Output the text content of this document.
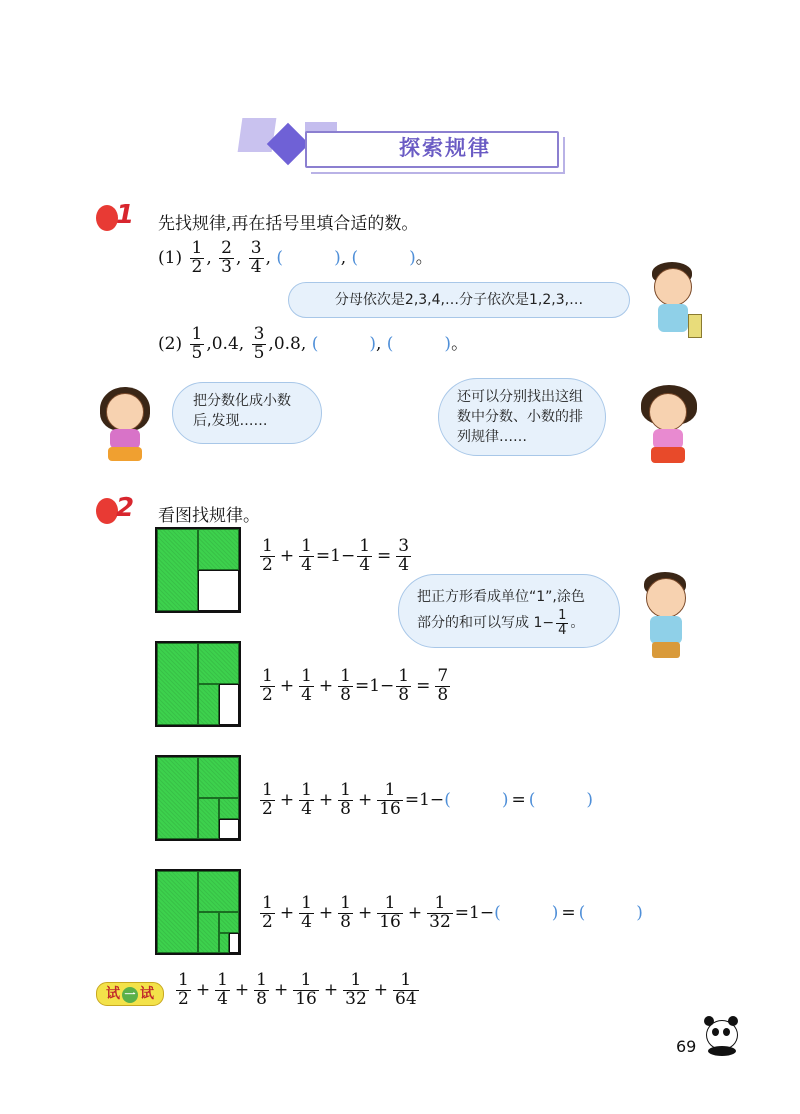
探索规律
1 先找规律,再在括号里填合适的数。
$(1) \frac{1}{2}$ , $\frac{2}{3}$ , $\frac{3}{4}$ , (   	), (   	)。
分母依次是2,3,4,…分子依次是1,2,3,…
$(2) \frac{1}{5} ,0.4$, $\frac{3}{5} ,0.8$, (   	), (   	)。
把分数化成小数后,发现……
还可以分别找出这组数中分数、小数的排列规律……
2 看图找规律。
$\frac{1}{2} + \frac{1}{4} =1- \frac{1}{4} = \frac{3}{4}$
把正方形看成单位“1”,涂色
部分的和可以写成 $1- \frac{1}{4}$ 。
$\frac{1}{2} + \frac{1}{4} + \frac{1}{8} =1- \frac{1}{8} = \frac{7}{8}$
$\frac{1}{2} + \frac{1}{4} + \frac{1}{8} + \frac{1}{16} =1-$(   	) = (   	)
$\frac{1}{2} + \frac{1}{4} + \frac{1}{8} + \frac{1}{16} + \frac{1}{32} =1-$(   	) = (   	)
试 一 试	$\frac{1}{2} + \frac{1}{4} + \frac{1}{8} + \frac{1}{16} + \frac{1}{32} + \frac{1}{64}$
69
